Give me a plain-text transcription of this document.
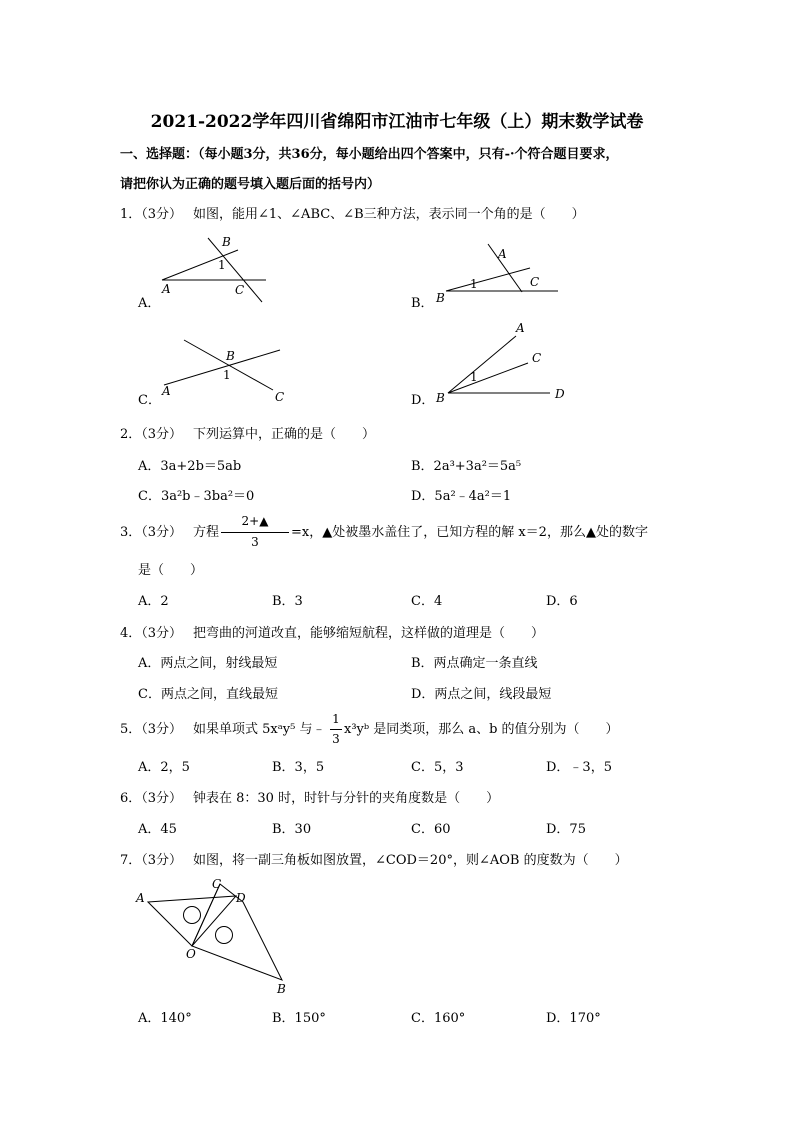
2021-2022学年四川省绵阳市江油市七年级（上）期末数学试卷
一、选择题：（每小题3分，共36分，每小题给出四个答案中，只有-·个符合题目要求，
请把你认为正确的题号填入题后面的括号内）
1．（3分） 如图，能用∠1、∠ABC、∠B三种方法，表示同一个角的是（　　）
A．
B
1
A	C
B．
A
C
1
B
C．
B
1
A	C	D．
A
C
1
B	D
2．（3分） 下列运算中，正确的是（　　）
A．3a+2b＝5ab	B．2a³+3a²＝5a⁵
C．3a²b﹣3ba²＝0	D．5a²﹣4a²＝1
3．（3分） 方程
2+▲
3
=x，▲处被墨水盖住了，已知方程的解 x＝2，那么▲处的数字
是（　　）
A．2	B．3	C．4	D．6
4．（3分） 把弯曲的河道改直，能够缩短航程，这样做的道理是（　　）
A．两点之间，射线最短	B．两点确定一条直线
C．两点之间，直线最短	D．两点之间，线段最短
5．（3分） 如果单项式 5xᵃy⁵ 与﹣
1
3
x³yᵇ 是同类项，那么 a、b 的值分别为（　　）
A．2，5	B．3，5	C．5，3	D．﹣3，5
6．（3分） 钟表在 8：30 时，时针与分针的夹角度数是（　　）
A．45	B．30	C．60	D．75
7．（3分） 如图，将一副三角板如图放置，∠COD＝20°，则∠AOB 的度数为（　　）
A
C
D
O
B
A．140°	B．150°	C．160°	D．170°
